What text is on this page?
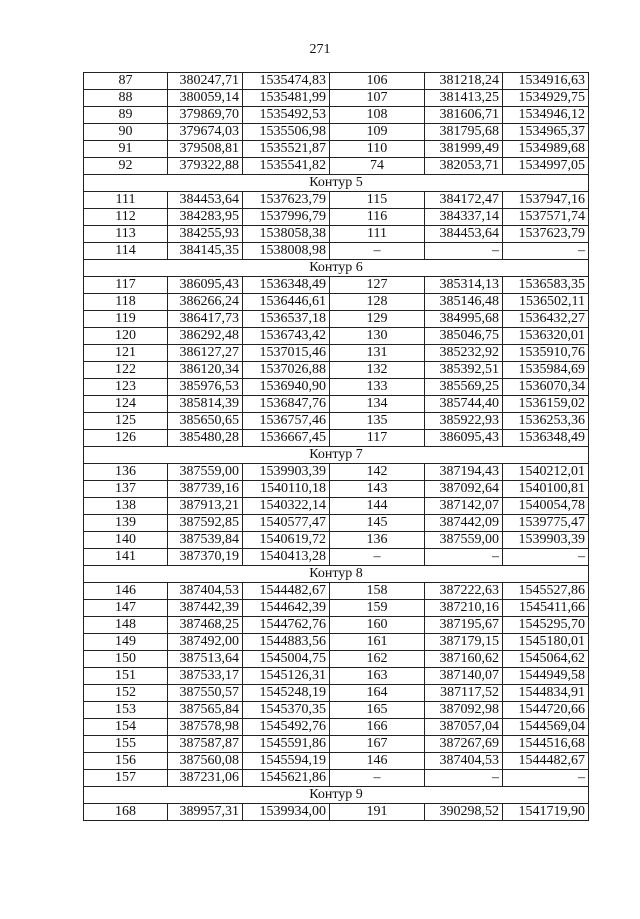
271
87	380247,71	1535474,83	106	381218,24	1534916,63
88	380059,14	1535481,99	107	381413,25	1534929,75
89	379869,70	1535492,53	108	381606,71	1534946,12
90	379674,03	1535506,98	109	381795,68	1534965,37
91	379508,81	1535521,87	110	381999,49	1534989,68
92	379322,88	1535541,82	74	382053,71	1534997,05
Контур 5					
111	384453,64	1537623,79	115	384172,47	1537947,16
112	384283,95	1537996,79	116	384337,14	1537571,74
113	384255,93	1538058,38	111	384453,64	1537623,79
114	384145,35	1538008,98	–	–	–
Контур 6					
117	386095,43	1536348,49	127	385314,13	1536583,35
118	386266,24	1536446,61	128	385146,48	1536502,11
119	386417,73	1536537,18	129	384995,68	1536432,27
120	386292,48	1536743,42	130	385046,75	1536320,01
121	386127,27	1537015,46	131	385232,92	1535910,76
122	386120,34	1537026,88	132	385392,51	1535984,69
123	385976,53	1536940,90	133	385569,25	1536070,34
124	385814,39	1536847,76	134	385744,40	1536159,02
125	385650,65	1536757,46	135	385922,93	1536253,36
126	385480,28	1536667,45	117	386095,43	1536348,49
Контур 7					
136	387559,00	1539903,39	142	387194,43	1540212,01
137	387739,16	1540110,18	143	387092,64	1540100,81
138	387913,21	1540322,14	144	387142,07	1540054,78
139	387592,85	1540577,47	145	387442,09	1539775,47
140	387539,84	1540619,72	136	387559,00	1539903,39
141	387370,19	1540413,28	–	–	–
Контур 8					
146	387404,53	1544482,67	158	387222,63	1545527,86
147	387442,39	1544642,39	159	387210,16	1545411,66
148	387468,25	1544762,76	160	387195,67	1545295,70
149	387492,00	1544883,56	161	387179,15	1545180,01
150	387513,64	1545004,75	162	387160,62	1545064,62
151	387533,17	1545126,31	163	387140,07	1544949,58
152	387550,57	1545248,19	164	387117,52	1544834,91
153	387565,84	1545370,35	165	387092,98	1544720,66
154	387578,98	1545492,76	166	387057,04	1544569,04
155	387587,87	1545591,86	167	387267,69	1544516,68
156	387560,08	1545594,19	146	387404,53	1544482,67
157	387231,06	1545621,86	–	–	–
Контур 9					
168	389957,31	1539934,00	191	390298,52	1541719,90
